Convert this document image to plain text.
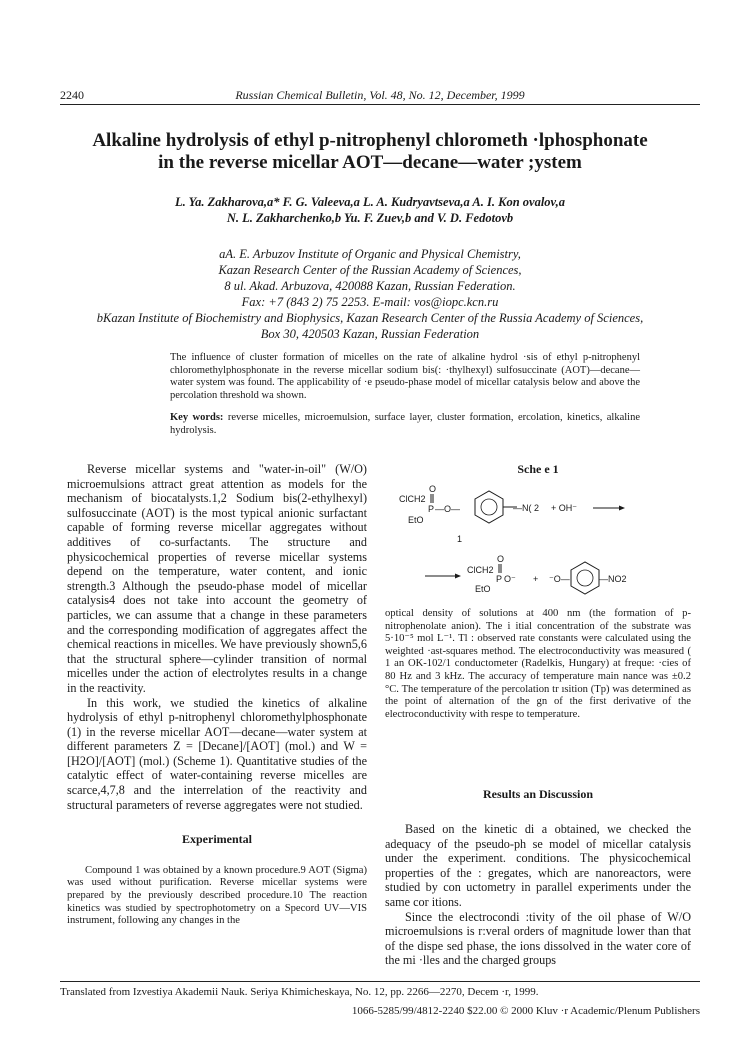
2240	Russian Chemical Bulletin, Vol. 48, No. 12, December, 1999
Alkaline hydrolysis of ethyl p-nitrophenyl chlorometh ·lphosphonate
in the reverse micellar AOT—decane—water ;ystem
L. Ya. Zakharova,a* F. G. Valeeva,a L. A. Kudryavtseva,a A. I. Kon ovalov,a
N. L. Zakharchenko,b Yu. F. Zuev,b and V. D. Fedotovb
aA. E. Arbuzov Institute of Organic and Physical Chemistry,
Kazan Research Center of the Russian Academy of Sciences,
8 ul. Akad. Arbuzova, 420088 Kazan, Russian Federation.
Fax: +7 (843 2) 75 2253. E-mail: vos@iopc.kcn.ru
bKazan Institute of Biochemistry and Biophysics, Kazan Research Center of the Russia Academy of Sciences,
Box 30, 420503 Kazan, Russian Federation
The influence of cluster formation of micelles on the rate of alkaline hydrol ·sis of ethyl p-nitrophenyl chloromethylphosphonate in the reverse micellar sodium bis(: ·thylhexyl) sulfosuccinate (AOT)—decane—water system was found. The applicability of ·e pseudo-phase model of micellar catalysis below and above the percolation threshold wa shown.
Key words: reverse micelles, microemulsion, surface layer, cluster formation, ercolation, kinetics, alkaline hydrolysis.

Reverse micellar systems and "water-in-oil" (W/O) microemulsions attract great attention as models for the mechanism of biocatalysts.1,2 Sodium bis(2-ethylhexyl) sulfosuccinate (AOT) is the most typical anionic surfactant capable of forming reverse micellar aggregates without additives of co-surfactants. The structure and physicochemical properties of reverse micellar systems depend on the temperature, water content, and ionic strength.3 Although the pseudo-phase model of micellar catalysis4 does not take into account the geometry of particles, we can assume that a change in these parameters and the corresponding modification of aggregates affect the chemical reactions in micelles. We have previously shown5,6 that the structural sphere—cylinder transition of normal micelles under the action of electrolytes results in a change in the reactivity.

In this work, we studied the kinetics of alkaline hydrolysis of ethyl p-nitrophenyl chloromethylphosphonate (1) in the reverse micellar AOT—decane—water system at different parameters Z = [Decane]/[AOT] (mol.) and W = [H2O]/[AOT] (mol.) (Scheme 1). Quantitative studies of the catalytic effect of water-containing reverse micelles are scarce,4,7,8 and the interrelation of the reactivity and structural parameters of reverse aggregates were not studied.

Experimental

Compound 1 was obtained by a known procedure.9 AOT (Sigma) was used without purification. Reverse micellar systems were prepared by the previously described procedure.10 The reaction kinetics was studied by spectrophotometry on a Specord UV—VIS instrument, following any changes in the

Sche e 1
ClCH2
O
P
EtO
—O—	—N( 2 + OH⁻
1
ClCH2
O
P
EtO
O⁻ + ⁻O—	—NO2
optical density of solutions at 400 nm (the formation of p-nitrophenolate anion). The i itial concentration of the substrate was 5·10⁻⁵ mol L⁻¹. Tl : observed rate constants were calculated using the weighted ·ast-squares method. The electroconductivity was measured ( 1 an OK-102/1 conductometer (Radelkis, Hungary) at freque: ·cies of 80 Hz and 3 kHz. The accuracy of temperature main nance was ±0.2 °C. The temperature of the percolation tr ısition (Tp) was determined as the point of alternation of the gn of the first derivative of the electroconductivity with respe to temperature.
Results an Discussion

Based on the kinetic di a obtained, we checked the adequacy of the pseudo-ph se model of micellar catalysis under the experiment. conditions. The physicochemical properties of the : gregates, which are nanoreactors, were studied by con uctometry in parallel experiments under the same cor itions.

Since the electrocondi :tivity of the oil phase of W/O microemulsions is r:veral orders of magnitude lower than that of the dispe sed phase, the ions dissolved in the water core of the mi ·lles and the charged groups

Translated from Izvestiya Akademii Nauk. Seriya Khimicheskaya, No. 12, pp. 2266—2270, Decem ·r, 1999.
1066-5285/99/4812-2240 $22.00 © 2000 Kluv ·r Academic/Plenum Publishers
